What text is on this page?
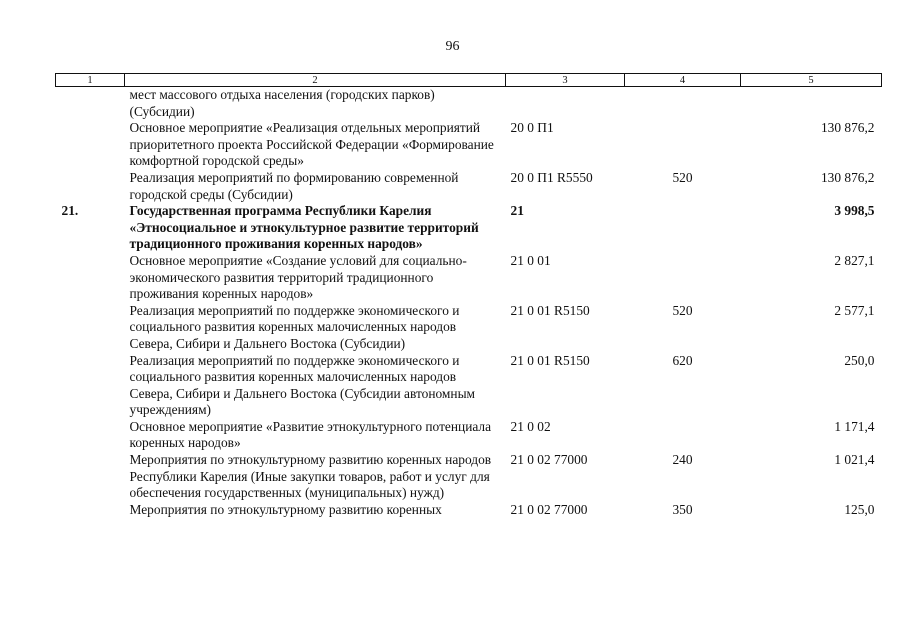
96
1	2	3	4	5
	мест массового отдыха населения (городских парков) (Субсидии)			
	Основное мероприятие «Реализация отдельных мероприятий приоритетного проекта Российской Федерации «Формирование комфортной городской среды»	20 0 П1		130 876,2
	Реализация мероприятий по формированию современной городской среды (Субсидии)	20 0 П1 R5550	520	130 876,2
21.	Государственная программа Республики Карелия «Этносоциальное и этнокультурное развитие территорий традиционного проживания коренных народов»	21		3 998,5
	Основное мероприятие «Создание условий для социально-экономического развития территорий традиционного проживания коренных народов»	21 0 01		2 827,1
	Реализация мероприятий по поддержке экономического и социального развития коренных малочисленных народов Севера, Сибири и Дальнего Востока (Субсидии)	21 0 01 R5150	520	2 577,1
	Реализация мероприятий по поддержке экономического и социального развития коренных малочисленных народов Севера, Сибири и Дальнего Востока (Субсидии автономным учреждениям)	21 0 01 R5150	620	250,0
	Основное мероприятие «Развитие этнокультурного потенциала коренных народов»	21 0 02		1 171,4
	Мероприятия по этнокультурному развитию коренных народов Республики Карелия (Иные закупки товаров, работ и услуг для обеспечения государственных (муниципальных) нужд)	21 0 02 77000	240	1 021,4
	Мероприятия по этнокультурному развитию коренных	21 0 02 77000	350	125,0
